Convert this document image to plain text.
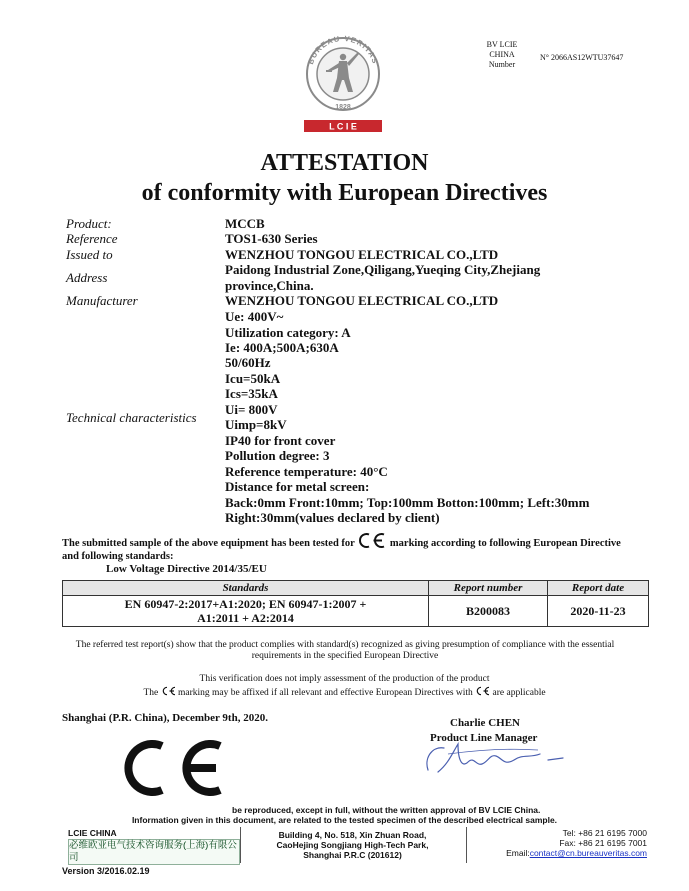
BUREAU VERITAS
1828
L C I E
BV LCIE
CHINA
Number
N° 2066AS12WTU37647
ATTESTATION
of conformity with European Directives
Product:	MCCB
Reference	TOS1-630 Series
Issued to	WENZHOU TONGOU ELECTRICAL CO.,LTD
Address
Paidong Industrial Zone,Qiligang,Yueqing City,Zhejiang
province,China.
Manufacturer	WENZHOU TONGOU ELECTRICAL CO.,LTD
Technical characteristics
Ue: 400V~
Utilization category: A
Ie: 400A;500A;630A
50/60Hz
Icu=50kA
Ics=35kA
Ui= 800V
Uimp=8kV
IP40 for front cover
Pollution degree: 3
Reference temperature: 40°C
Distance for metal screen:
Back:0mm Front:10mm; Top:100mm Botton:100mm; Left:30mm
Right:30mm(values declared by client)
The submitted sample of the above equipment has been tested for	marking according to following European Directive and following standards:
Low Voltage Directive 2014/35/EU
Standards	Report number	Report date

EN 60947-2:2017+A1:2020; EN 60947-1:2007 +
A1:2011 + A2:2014	B200083	2020-11-23
The referred test report(s) show that the product complies with standard(s) recognized as giving presumption of compliance with the essential requirements in the specified European Directive
This verification does not imply assessment of the production of the product
The marking may be affixed if all relevant and effective European Directives with are applicable
Shanghai (P.R. China), December 9th, 2020.	Charlie CHEN
Product Line Manager
be reproduced, except in full, without the written approval of BV LCIE China.
Information given in this document, are related to the tested specimen of the described electrical sample.
LCIE CHINA
必维欧亚电气技术咨询服务(上海)有限公司
Building 4, No. 518, Xin Zhuan Road,
CaoHejing Songjiang High-Tech Park,
Shanghai P.R.C (201612)
Tel: +86 21 6195 7000
Fax: +86 21 6195 7001
Email:contact@cn.bureauveritas.com
Version 3/2016.02.19
